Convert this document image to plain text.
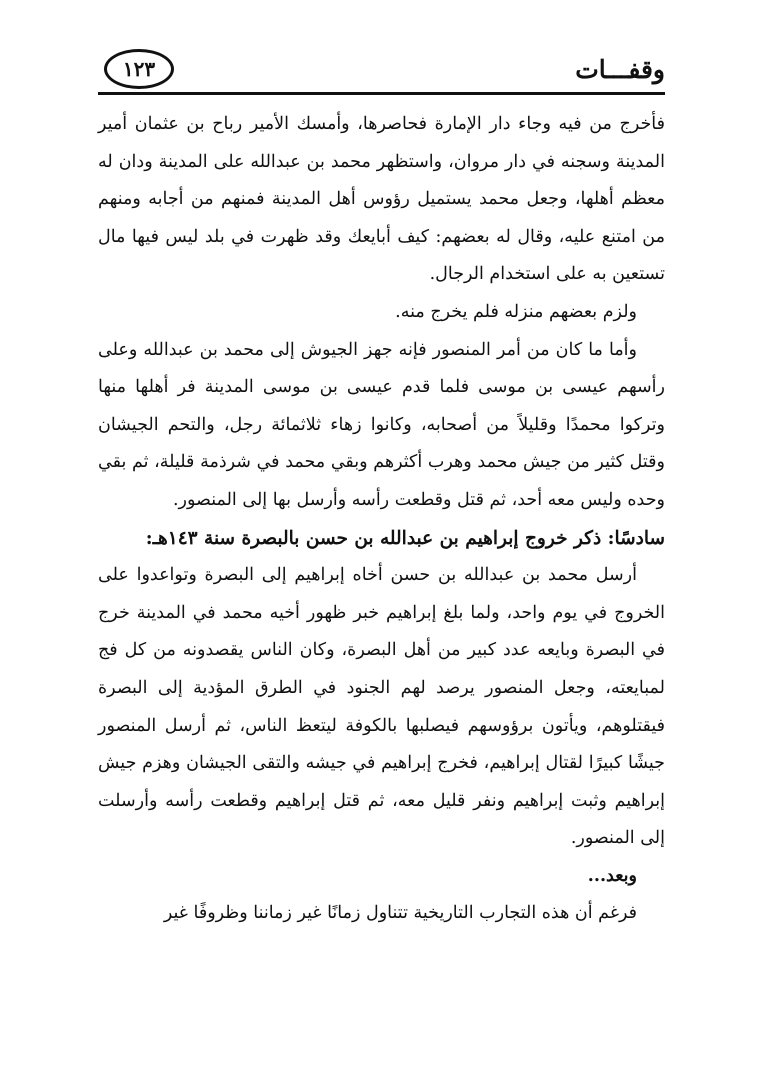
وقفـــات
١٢٣

فأخرج من فيه وجاء دار الإمارة فحاصرها، وأمسك الأمير رباح بن عثمان أمير المدينة وسجنه في دار مروان، واستظهر محمد بن عبدالله على المدينة ودان له معظم أهلها، وجعل محمد يستميل رؤوس أهل المدينة فمنهم من أجابه ومنهم من امتنع عليه، وقال له بعضهم: كيف أبايعك وقد ظهرت في بلد ليس فيها مال تستعين به على استخدام الرجال.

ولزم بعضهم منزله فلم يخرج منه.

وأما ما كان من أمر المنصور فإنه جهز الجيوش إلى محمد بن عبدالله وعلى رأسهم عيسى بن موسى فلما قدم عيسى بن موسى المدينة فر أهلها منها وتركوا محمدًا وقليلاً من أصحابه، وكانوا زهاء ثلاثمائة رجل، والتحم الجيشان وقتل كثير من جيش محمد وهرب أكثرهم وبقي محمد في شرذمة قليلة، ثم بقي وحده وليس معه أحد، ثم قتل وقطعت رأسه وأرسل بها إلى المنصور.

سادسًا: ذكر خروج إبراهيم بن عبدالله بن حسن بالبصرة سنة ١٤٣هـ:

أرسل محمد بن عبدالله بن حسن أخاه إبراهيم إلى البصرة وتواعدوا على الخروج في يوم واحد، ولما بلغ إبراهيم خبر ظهور أخيه محمد في المدينة خرج في البصرة وبايعه عدد كبير من أهل البصرة، وكان الناس يقصدونه من كل فج لمبايعته، وجعل المنصور يرصد لهم الجنود في الطرق المؤدية إلى البصرة فيقتلوهم، ويأتون برؤوسهم فيصلبها بالكوفة ليتعظ الناس، ثم أرسل المنصور جيشًا كبيرًا لقتال إبراهيم، فخرج إبراهيم في جيشه والتقى الجيشان وهزم جيش إبراهيم وثبت إبراهيم ونفر قليل معه، ثم قتل إبراهيم وقطعت رأسه وأرسلت إلى المنصور.

وبعد...

فرغم أن هذه التجارب التاريخية تتناول زمانًا غير زماننا وظروفًا غير
